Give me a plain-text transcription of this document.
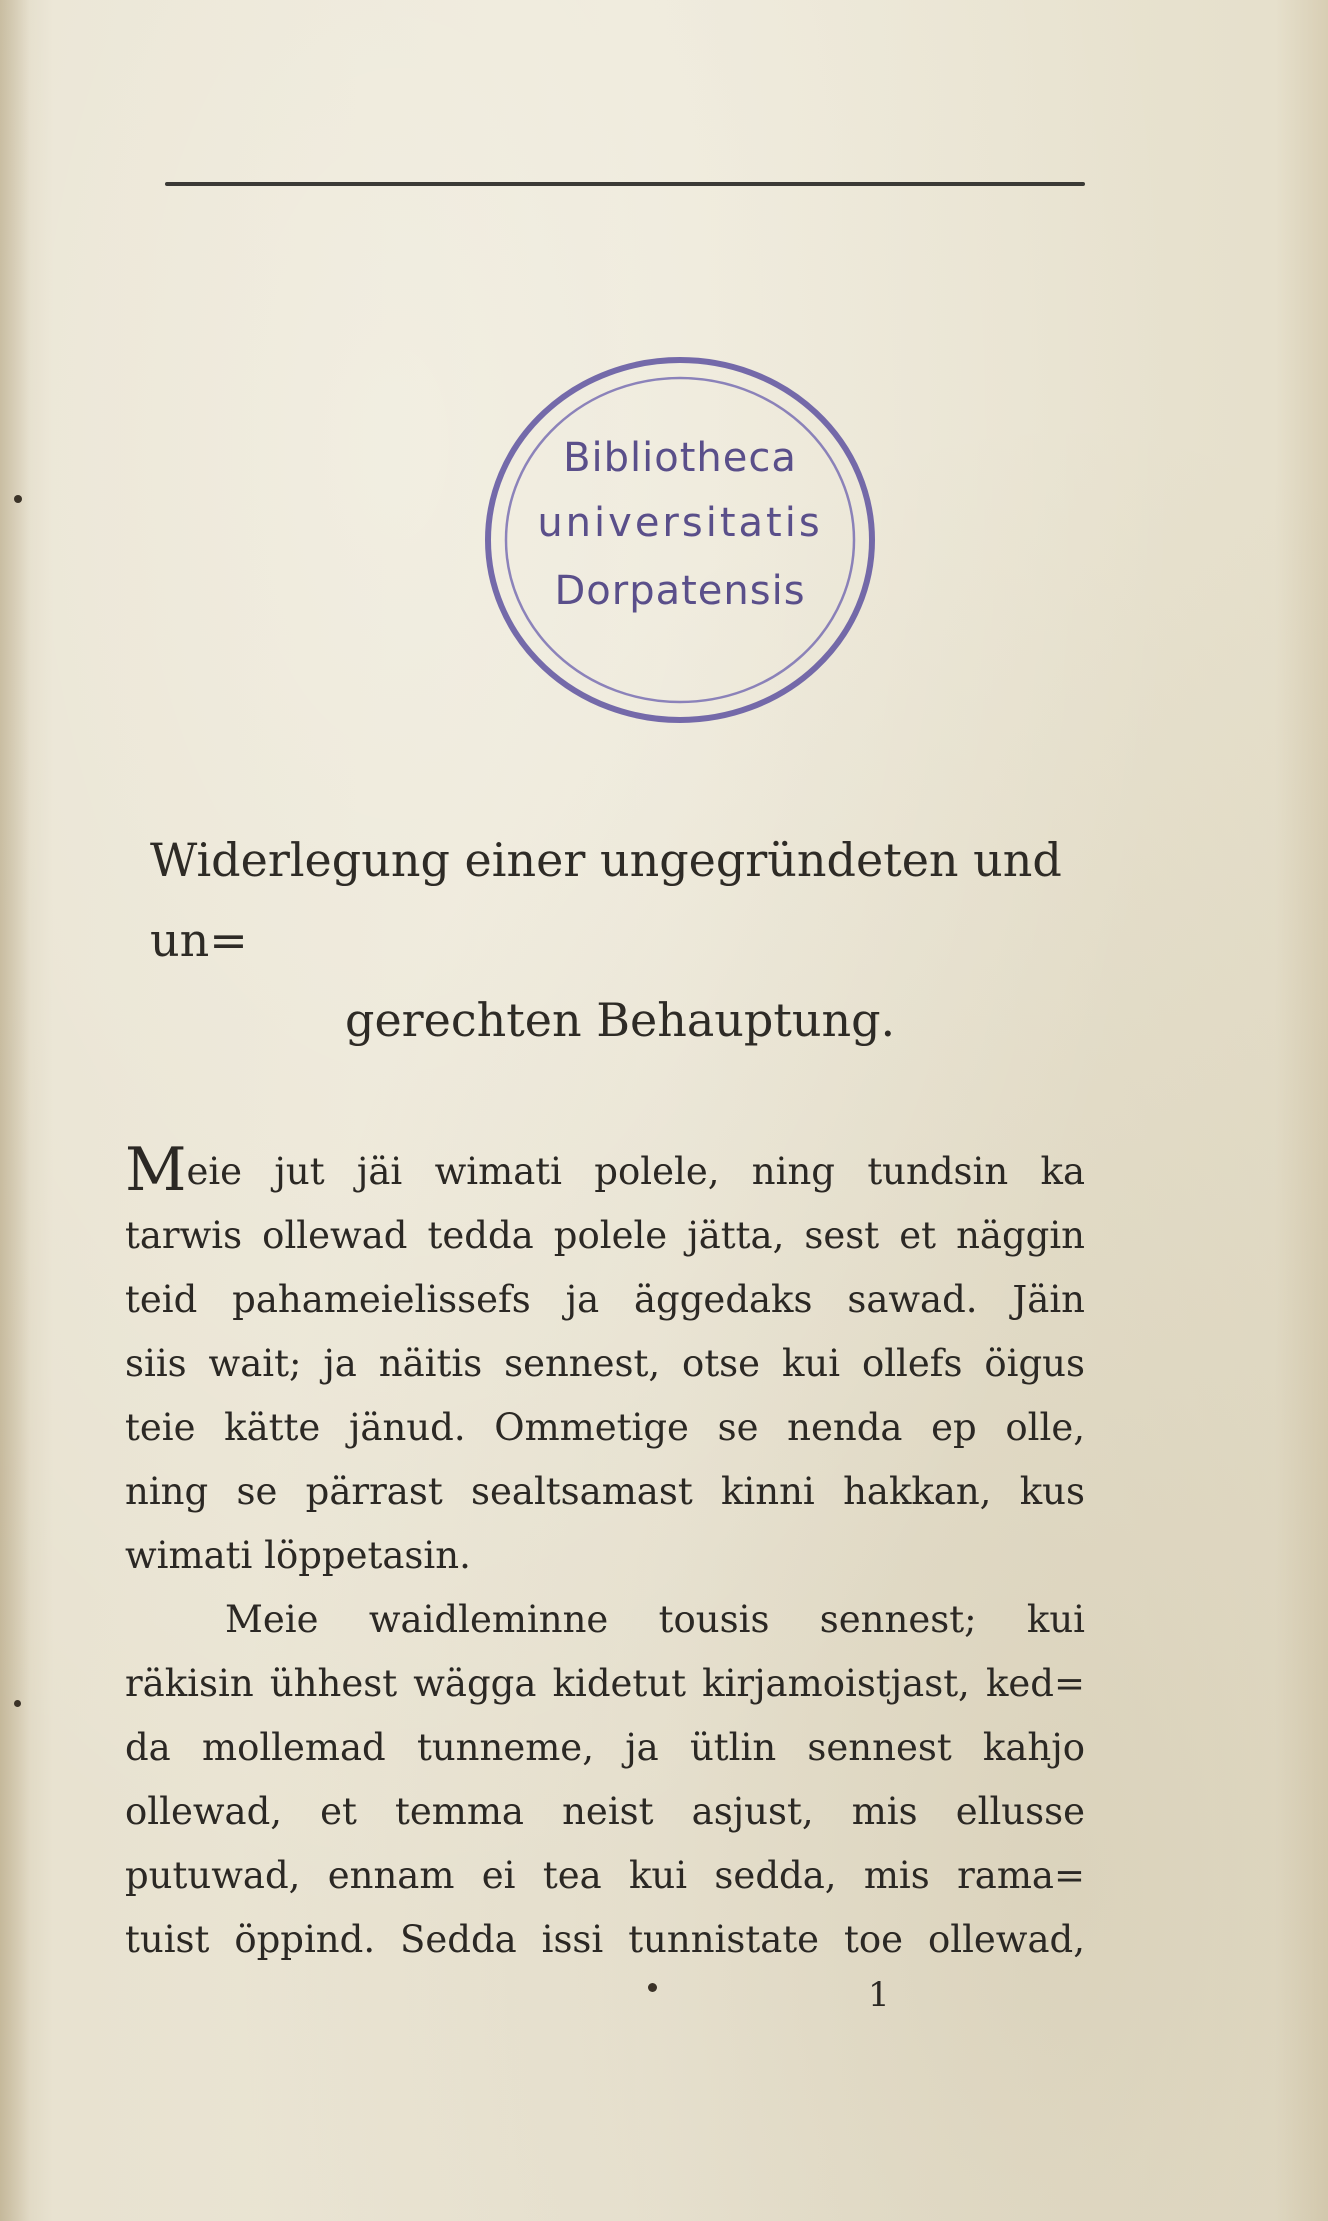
Bibliotheca
universitatis
Dorpatensis
Widerlegung einer ungegründeten und un=
gerechten Behauptung.
Meie jut jäi wimati polele, ning tundsin ka
tarwis ollewad tedda polele jätta, sest et näggin
teid pahameielissefs ja äggedaks sawad. Jäin
siis wait; ja näitis sennest, otse kui ollefs öigus
teie kätte jänud. Ommetige se nenda ep olle,
ning se pärrast sealtsamast kinni hakkan, kus
wimati löppetasin.
Meie waidleminne tousis sennest; kui
räkisin ühhest wägga kidetut kirjamoistjast, ked=
da mollemad tunneme, ja ütlin sennest kahjo
ollewad, et temma neist asjust, mis ellusse
putuwad, ennam ei tea kui sedda, mis rama=
tuist öppind. Sedda issi tunnistate toe ollewad,
1
